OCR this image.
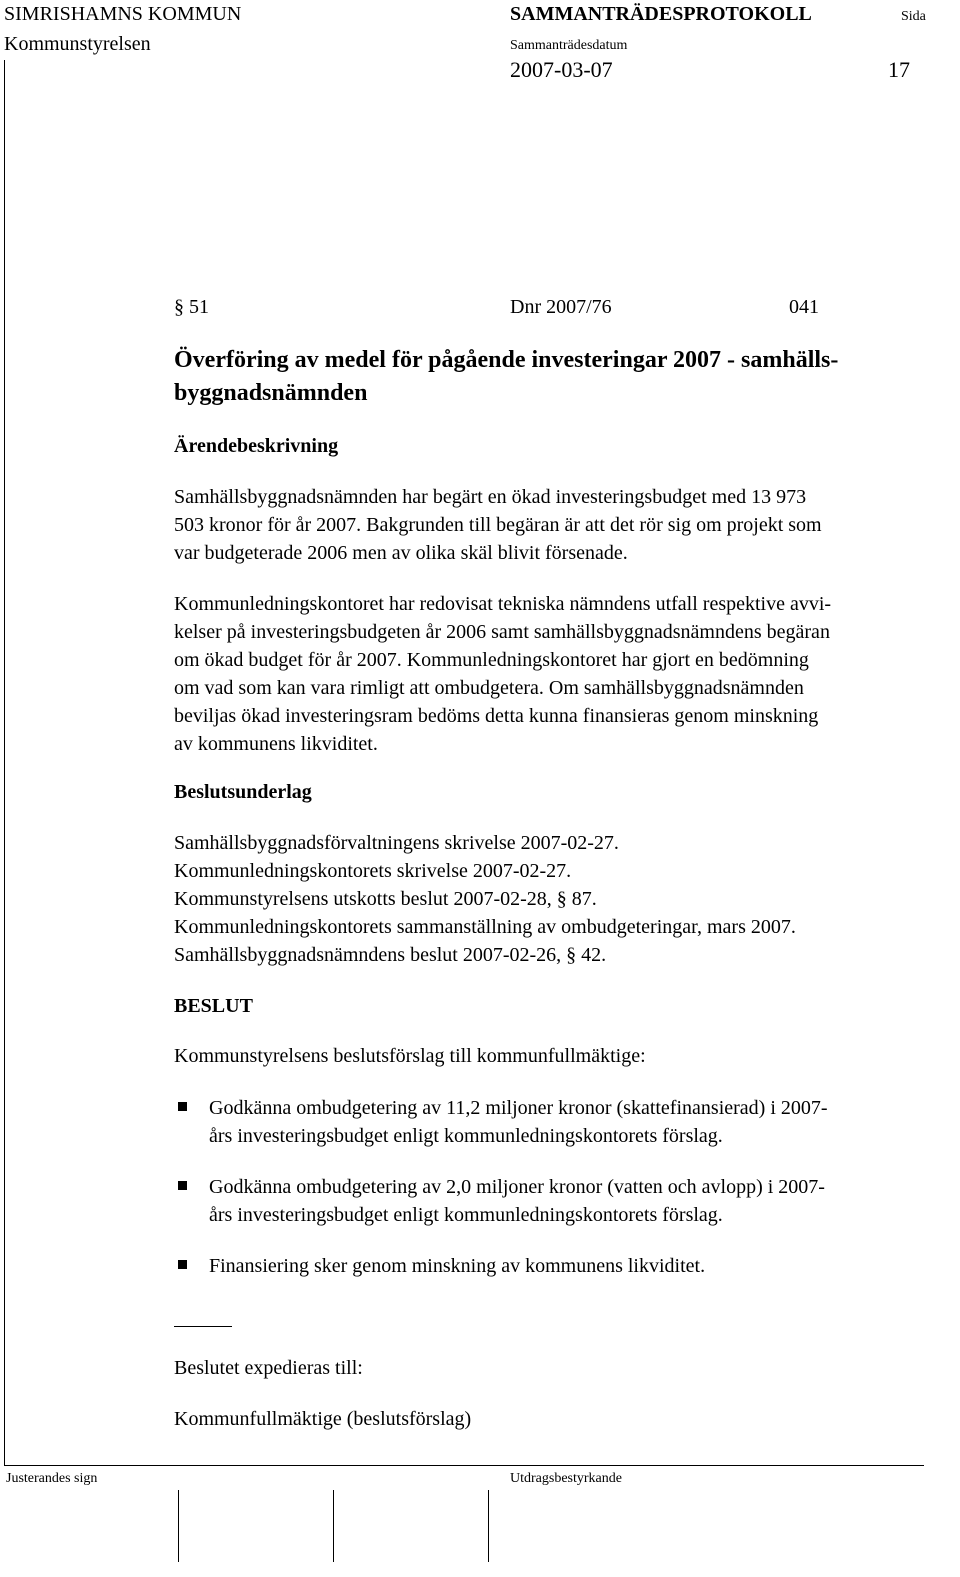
SIMRISHAMNS KOMMUN
Kommunstyrelsen
SAMMANTRÄDESPROTOKOLL
Sammanträdesdatum
2007-03-07
Sida
17
§ 51	Dnr 2007/76	041
Överföring av medel för pågående investeringar 2007 - samhälls-
byggnadsnämnden
Ärendebeskrivning
Samhällsbyggnadsnämnden har begärt en ökad investeringsbudget med 13 973
503 kronor för år 2007. Bakgrunden till begäran är att det rör sig om projekt som
var budgeterade 2006 men av olika skäl blivit försenade.
Kommunledningskontoret har redovisat tekniska nämndens utfall respektive avvi-
kelser på investeringsbudgeten år 2006 samt samhällsbyggnadsnämndens begäran
om ökad budget för år 2007. Kommunledningskontoret har gjort en bedömning
om vad som kan vara rimligt att ombudgetera. Om samhällsbyggnadsnämnden
beviljas ökad investeringsram bedöms detta kunna finansieras genom minskning
av kommunens likviditet.
Beslutsunderlag
Samhällsbyggnadsförvaltningens skrivelse 2007-02-27.
Kommunledningskontorets skrivelse 2007-02-27.
Kommunstyrelsens utskotts beslut 2007-02-28, § 87.
Kommunledningskontorets sammanställning av ombudgeteringar, mars 2007.
Samhällsbyggnadsnämndens beslut 2007-02-26, § 42.
BESLUT
Kommunstyrelsens beslutsförslag till kommunfullmäktige:
Godkänna ombudgetering av 11,2 miljoner kronor (skattefinansierad) i 2007-
års investeringsbudget enligt kommunledningskontorets förslag.
Godkänna ombudgetering av 2,0 miljoner kronor (vatten och avlopp) i 2007-
års investeringsbudget enligt kommunledningskontorets förslag.
Finansiering sker genom minskning av kommunens likviditet.
Beslutet expedieras till:
Kommunfullmäktige (beslutsförslag)
Justerandes sign	Utdragsbestyrkande
